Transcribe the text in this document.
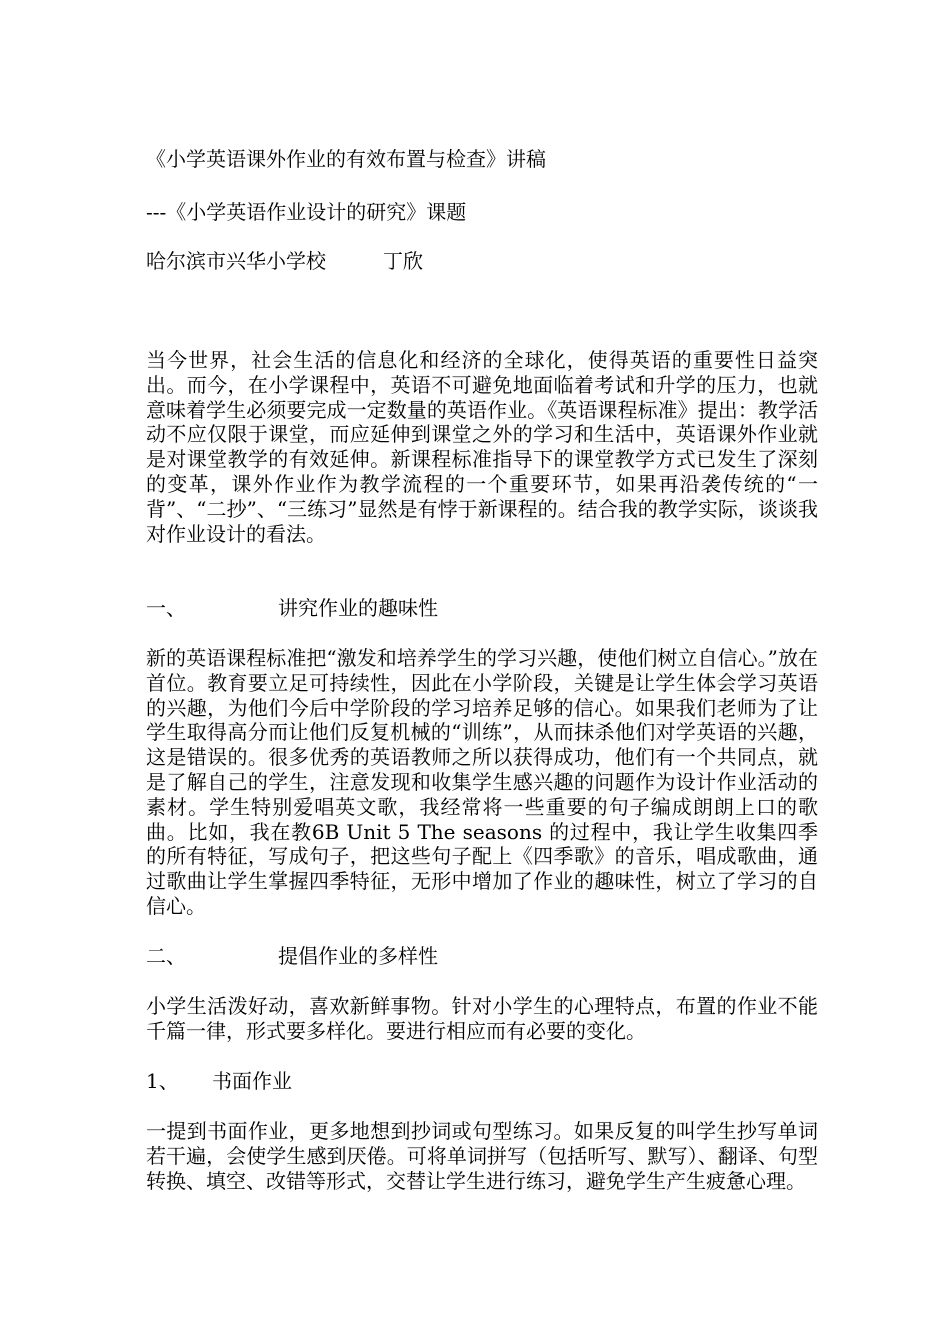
《小学英语课外作业的有效布置与检查》讲稿
---《小学英语作业设计的研究》课题
哈尔滨市兴华小学校	丁欣
当今世界，社会生活的信息化和经济的全球化，使得英语的重要性日益突出。而今，在小学课程中，英语不可避免地面临着考试和升学的压力，也就意味着学生必须要完成一定数量的英语作业。《英语课程标准》提出：教学活动不应仅限于课堂，而应延伸到课堂之外的学习和生活中，英语课外作业就是对课堂教学的有效延伸。新课程标准指导下的课堂教学方式已发生了深刻的变革，课外作业作为教学流程的一个重要环节，如果再沿袭传统的“一背”、“二抄”、“三练习”显然是有悖于新课程的。结合我的教学实际，谈谈我对作业设计的看法。
一、	讲究作业的趣味性
新的英语课程标准把“激发和培养学生的学习兴趣，使他们树立自信心。”放在首位。教育要立足可持续性，因此在小学阶段，关键是让学生体会学习英语的兴趣，为他们今后中学阶段的学习培养足够的信心。如果我们老师为了让学生取得高分而让他们反复机械的“训练”，从而抹杀他们对学英语的兴趣，这是错误的。很多优秀的英语教师之所以获得成功，他们有一个共同点，就是了解自己的学生，注意发现和收集学生感兴趣的问题作为设计作业活动的素材。学生特别爱唱英文歌，我经常将一些重要的句子编成朗朗上口的歌曲。比如，我在教6B Unit 5 The seasons 的过程中，我让学生收集四季的所有特征，写成句子，把这些句子配上《四季歌》的音乐，唱成歌曲，通过歌曲让学生掌握四季特征，无形中增加了作业的趣味性，树立了学习的自信心。
二、	提倡作业的多样性
小学生活泼好动，喜欢新鲜事物。针对小学生的心理特点，布置的作业不能千篇一律，形式要多样化。要进行相应而有必要的变化。
1、 书面作业
一提到书面作业，更多地想到抄词或句型练习。如果反复的叫学生抄写单词若干遍，会使学生感到厌倦。可将单词拼写（包括听写、默写）、翻译、句型转换、填空、改错等形式，交替让学生进行练习，避免学生产生疲惫心理。
